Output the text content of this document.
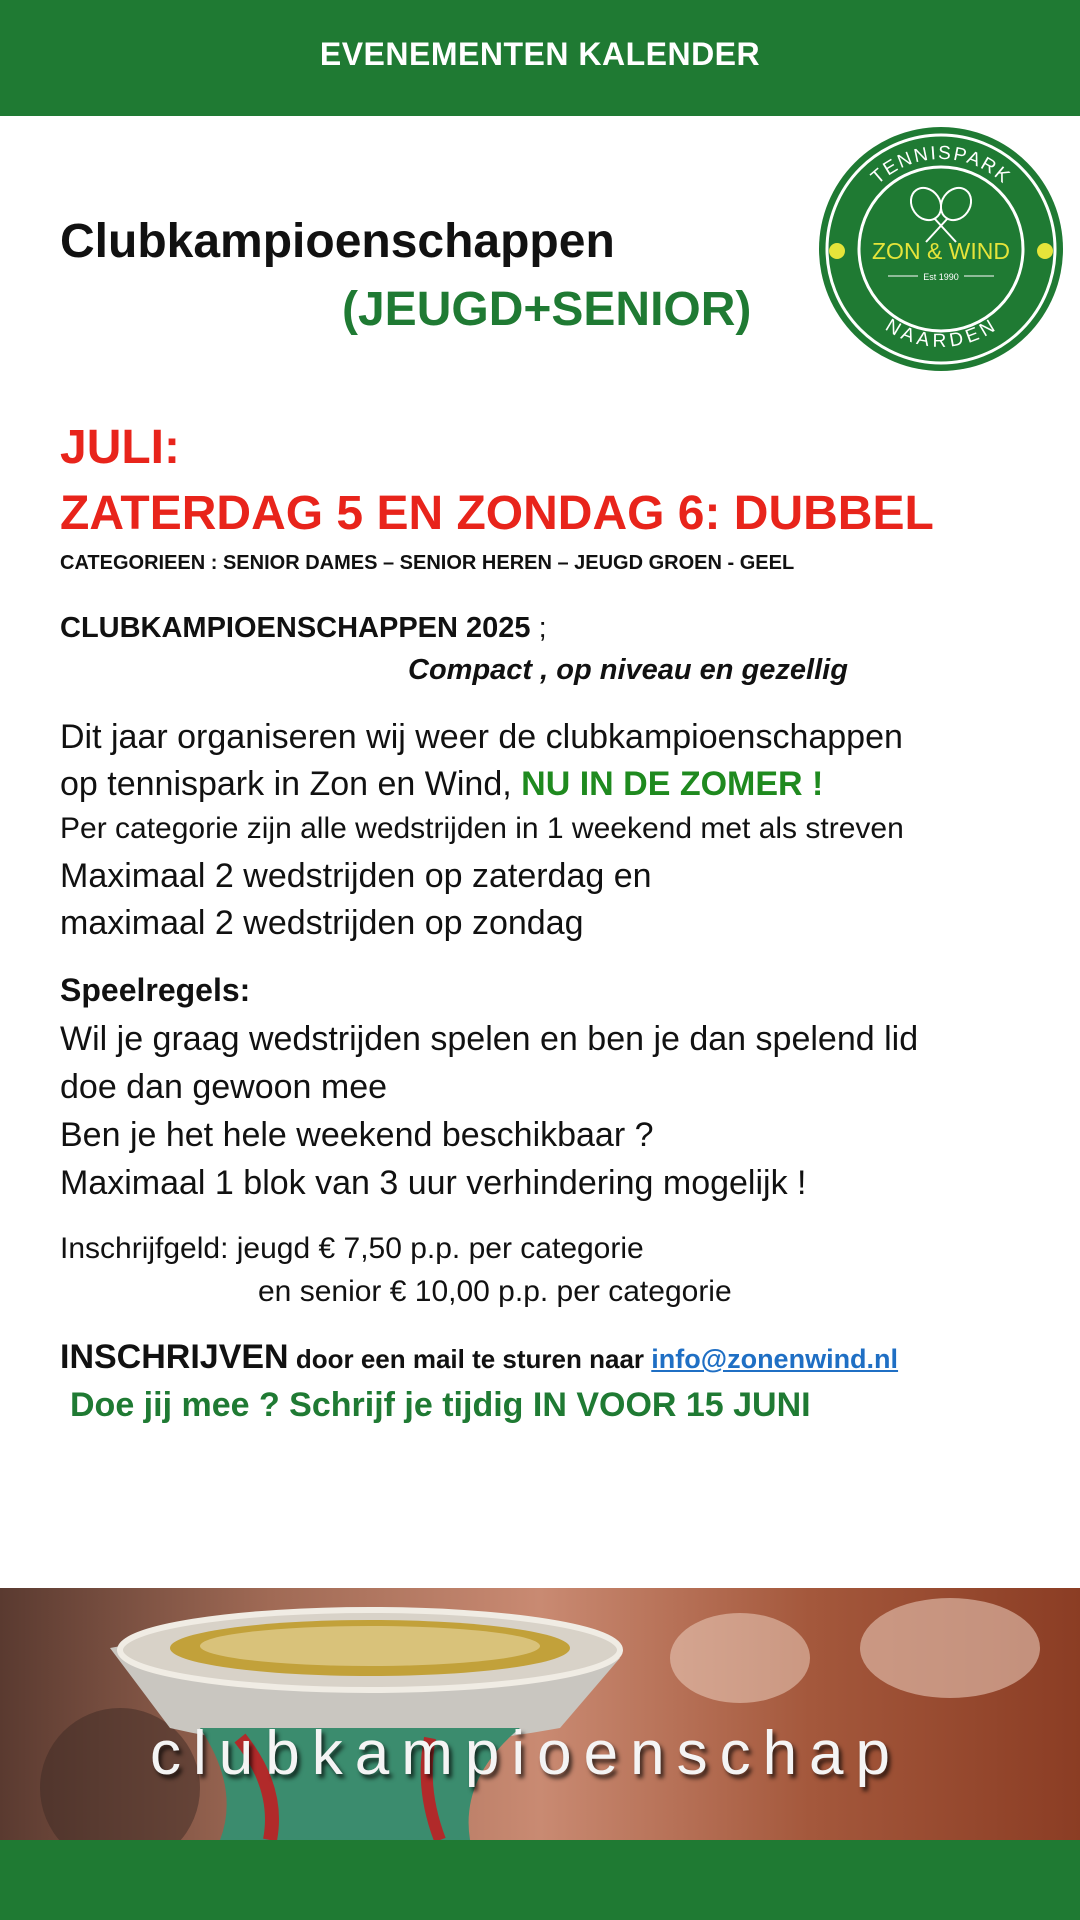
EVENEMENTEN KALENDER
TENNISPARK
NAARDEN
ZON & WIND
Est 1990
Clubkampioenschappen
(JEUGD+SENIOR)
JULI:
ZATERDAG 5 EN ZONDAG 6: DUBBEL
CATEGORIEEN : SENIOR DAMES – SENIOR HEREN – JEUGD GROEN - GEEL
CLUBKAMPIOENSCHAPPEN 2025 ;
Compact , op niveau en gezellig
Dit jaar organiseren wij weer de clubkampioenschappen
op tennispark in Zon en Wind, NU IN DE ZOMER !
Per categorie zijn alle wedstrijden in 1 weekend met als streven
Maximaal 2 wedstrijden op zaterdag en
maximaal 2 wedstrijden op zondag
Speelregels:
Wil je graag wedstrijden spelen en ben je dan spelend lid
doe dan gewoon mee
Ben je het hele weekend beschikbaar ?
Maximaal 1 blok van 3 uur verhindering mogelijk !
Inschrijfgeld: jeugd € 7,50 p.p. per categorie
en senior € 10,00 p.p. per categorie
INSCHRIJVEN door een mail te sturen naar info@zonenwind.nl
Doe jij mee ? Schrijf je tijdig IN VOOR 15 JUNI
clubkampioenschap
